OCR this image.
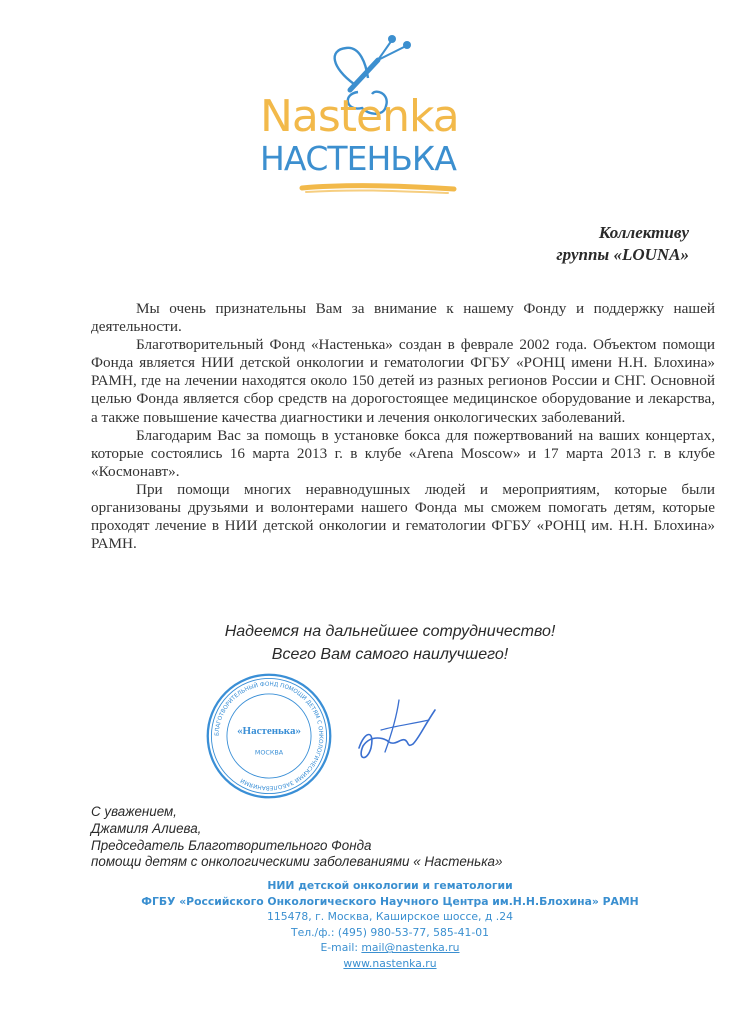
Nastenka
НАСТЕНЬКА
Коллективу
группы «LOUNA»

Мы очень признательны Вам за внимание к нашему Фонду и поддержку нашей деятельности.

Благотворительный Фонд «Настенька» создан в феврале 2002 года. Объектом помощи Фонда является НИИ детской онкологии и гематологии ФГБУ «РОНЦ имени Н.Н. Блохина» РАМН, где на лечении находятся около 150 детей из разных регионов России и СНГ. Основной целью Фонда является сбор средств на дорогостоящее медицинское оборудование и лекарства, а также повышение качества диагностики и лечения онкологических заболеваний.

Благодарим Вас за помощь в установке бокса для пожертвований на ваших концертах, которые состоялись 16 марта 2013 г. в клубе «Arena Moscow» и 17 марта 2013 г. в клубе «Космонавт».

При помощи многих неравнодушных людей и мероприятиям, которые были организованы друзьями и волонтерами нашего Фонда мы сможем помогать детям, которые проходят лечение в НИИ детской онкологии и гематологии ФГБУ «РОНЦ им. Н.Н. Блохина» РАМН.

Надеемся на дальнейшее сотрудничество!
Всего Вам самого наилучшего!
БЛАГОТВОРИТЕЛЬНЫЙ ФОНД ПОМОЩИ ДЕТЯМ С ОНКОЛОГИЧЕСКИМИ ЗАБОЛЕВАНИЯМИ
«Настенька»
МОСКВА
С уважением,
Джамиля Алиева,
Председатель Благотворительного Фонда
помощи детям с онкологическими заболеваниями « Настенька»
НИИ детской онкологии и гематологии
ФГБУ «Российского Онкологического Научного Центра им.Н.Н.Блохина» РАМН
115478, г. Москва, Каширское шоссе, д .24
Тел./ф.: (495) 980-53-77, 585-41-01
E-mail: mail@nastenka.ru
www.nastenka.ru
